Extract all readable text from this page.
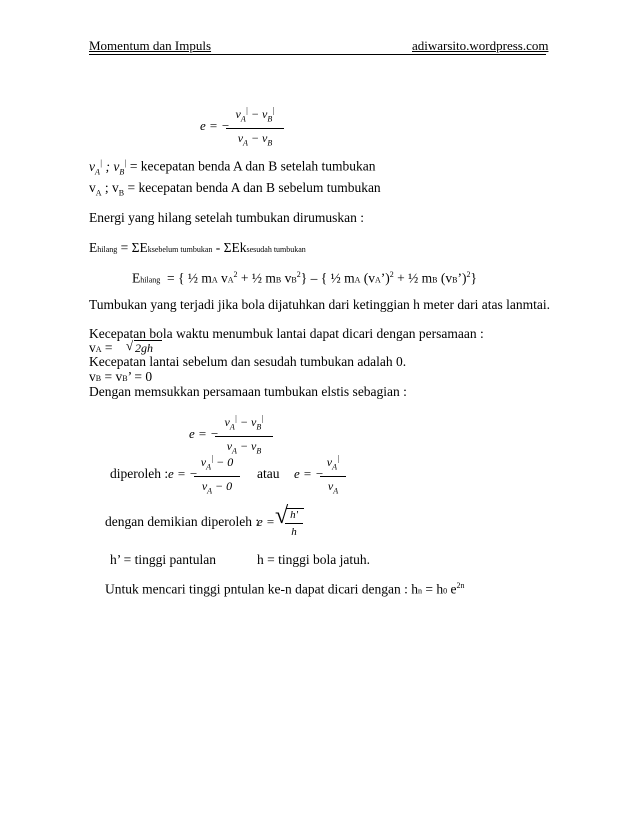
Momentum dan Impuls	adiwarsito.wordpress.com
e = −
$v_A^| - v_B^|$
$v_A - v_B$
$v_A^|$ ; $v_B^|$ = kecepatan benda A dan B setelah tumbukan
$v_A$ ; $v_B$ = kecepatan benda A dan B sebelum tumbukan
Energi yang hilang setelah tumbukan dirumuskan :
Ehilang = ΣEksebelum tumbukan - ΣEksesudah tumbukan
Ehilang  = { ½ mA $vA^2$ + ½ mB $vB^2$} – { ½ mA (vA’)$^2$ + ½ mB (vB’)$^2$}
Tumbukan yang terjadi jika bola dijatuhkan dari ketinggian h meter dari atas lanmtai.
Kecepatan bola waktu menumbuk lantai dapat dicari dengan persamaan :
vA = √ 2gh
Kecepatan lantai sebelum dan sesudah tumbukan adalah 0.
vB = vB’ = 0
Dengan memsukkan persamaan tumbukan elstis sebagian :
e = −
$v_A^| - v_B^|$
$v_A - v_B$
diperoleh : e = −
$v_A^| - 0$
$v_A - 0$
atau e = −
$v_A^|$
$v_A$
dengan demikian diperoleh :
e = √ h'
h
h’ = tinggi pantulan	h = tinggi bola jatuh.
Untuk mencari tinggi pntulan ke-n dapat dicari dengan : hn = h0 $e^{2n}$
